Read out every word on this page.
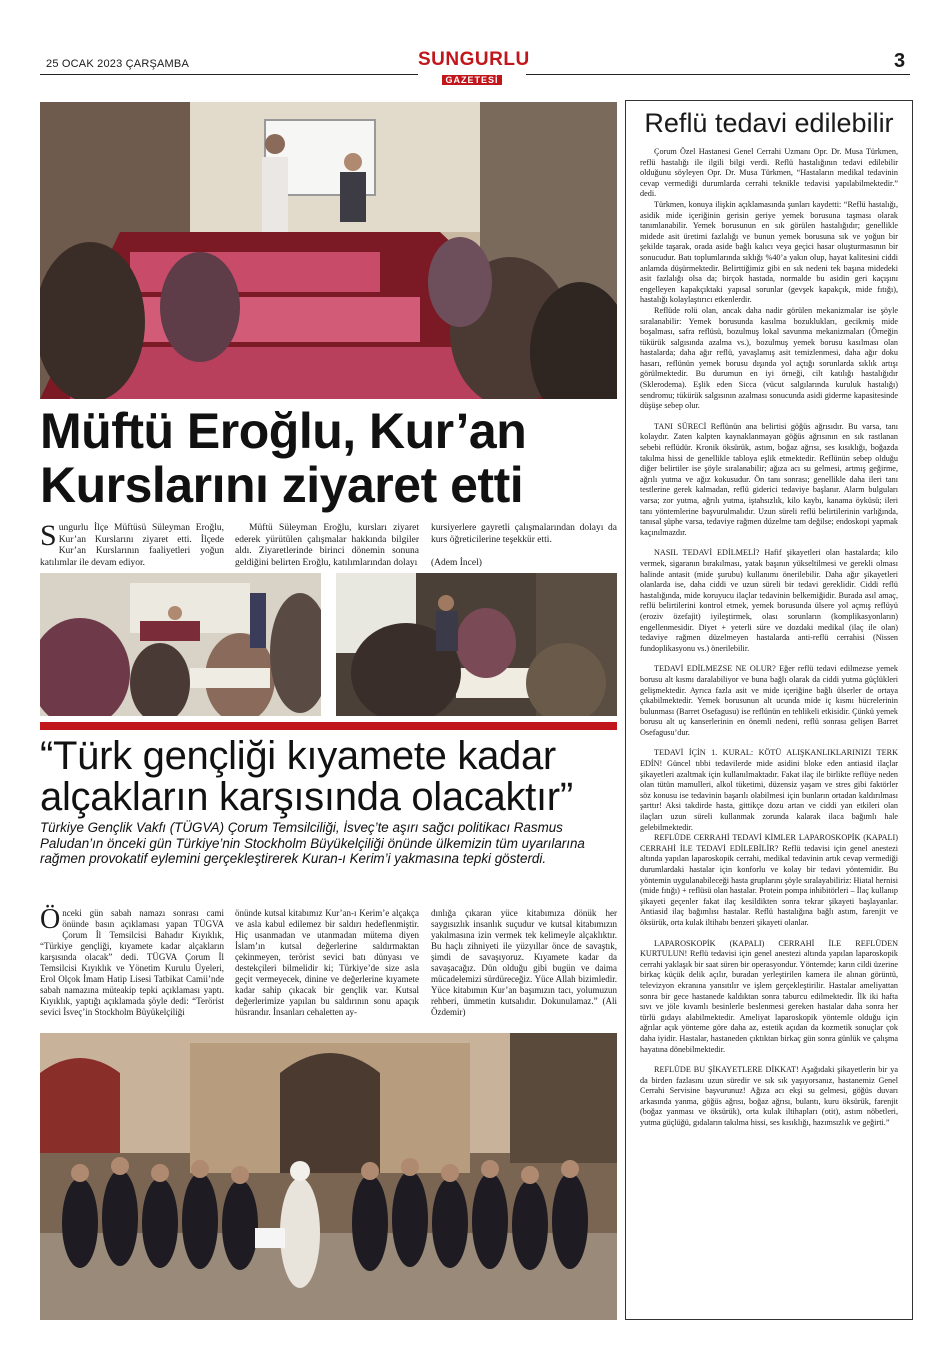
25 OCAK 2023 ÇARŞAMBA	SUNGURLU
GAZETESİ
3
Müftü Eroğlu, Kur’an Kurslarını ziyaret etti
Sungurlu İlçe Müftüsü Süleyman Eroğlu, Kur’an Kurslarını ziyaret etti. İlçede Kur’an Kurslarının faaliyetleri yoğun katılımlar ile devam ediyor.
Müftü Süleyman Eroğlu, kursları ziyaret ederek yürütülen çalışmalar hakkında bilgiler aldı. Ziyaretlerinde birinci dönemin sonuna geldiğini belirten Eroğlu, katılımlarından dolayı
kursiyerlere gayretli çalışmalarından dolayı da kurs öğreticilerine teşekkür etti.
(Adem İncel)
“Türk gençliği kıyamete kadar alçakların karşısında olacaktır”
Türkiye Gençlik Vakfı (TÜGVA) Çorum Temsilciliği, İsveç’te aşırı sağcı politikacı Rasmus Paludan’ın önceki gün Türkiye’nin Stockholm Büyükelçiliği önünde ülkemizin tüm uyarılarına rağmen provokatif eylemini gerçekleştirerek Kuran-ı Kerim’i yakmasına tepki gösterdi.
Önceki gün sabah namazı sonrası cami önünde basın açıklaması yapan TÜGVA Çorum İl Temsilcisi Bahadır Kıyıklık, “Türkiye gençliği, kıyamete kadar alçakların karşısında olacak” dedi. TÜGVA Çorum İl Temsilcisi Kıyıklık ve Yönetim Kurulu Üyeleri, Erol Olçok İmam Hatip Lisesi Tatbikat Camii’nde sabah namazına müteakip tepki açıklaması yaptı. Kıyıklık, yaptığı açıklamada şöyle dedi: “Terörist sevici İsveç’in Stockholm Büyükelçiliği
önünde kutsal kitabımız Kur’an-ı Kerim’e alçakça ve asla kabul edilemez bir saldırı hedeflenmiştir. Hiç usanmadan ve utanmadan mütema diyen İslam’ın kutsal değerlerine saldırmaktan çekinmeyen, terörist sevici batı dünyası ve destekçileri bilmelidir ki; Türkiye’de size asla geçit vermeyecek, dinine ve değerlerine kıyamete kadar sahip çıkacak bir gençlik var. Kutsal değerlerimize yapılan bu saldırının sonu apaçık hüsrandır. İnsanları cehaletten ay-
dınlığa çıkaran yüce kitabımıza dönük her saygısızlık insanlık suçudur ve kutsal kitabımızın yakılmasına izin vermek tek kelimeyle alçaklıktır. Bu haçlı zihniyeti ile yüzyıllar önce de savaştık, şimdi de savaşıyoruz. Kıyamete kadar da savaşacağız. Dün olduğu gibi bugün ve daima mücadelemizi sürdüreceğiz. Yüce Allah bizimledir. Yüce kitabımın Kur’an başımızın tacı, yolumuzun rehberi, ümmetin kutsalıdır. Dokunulamaz.” (Ali Özdemir)
Reflü tedavi edilebilir

Çorum Özel Hastanesi Genel Cerrahi Uzmanı Opr. Dr. Musa Türkmen, reflü hastalığı ile ilgili bilgi verdi. Reflü hastalığının tedavi edilebilir olduğunu söyleyen Opr. Dr. Musa Türkmen, “Hastaların medikal tedavinin cevap vermediği durumlarda cerrahi teknikle tedavisi yapılabilmektedir.” dedi.

Türkmen, konuya ilişkin açıklamasında şunları kaydetti: “Reflü hastalığı, asidik mide içeriğinin gerisin geriye yemek borusuna taşması olarak tanımlanabilir. Yemek borusunun en sık görülen hastalığıdır; genellikle midede asit üretimi fazlalığı ve bunun yemek borusuna sık ve yoğun bir şekilde taşarak, orada aside bağlı kalıcı veya geçici hasar oluşturmasının bir sonucudur. Batı toplumlarında sıklığı %40’a yakın olup, hayat kalitesini ciddi anlamda düşürmektedir. Belirttiğimiz gibi en sık nedeni tek başına midedeki asit fazlalığı olsa da; birçok hastada, normalde bu asidin geri kaçışını engelleyen kapakçıktaki yapısal sorunlar (gevşek kapakçık, mide fıtığı), hastalığı kolaylaştırıcı etkenlerdir.

Reflüde rolü olan, ancak daha nadir görülen mekanizmalar ise şöyle sıralanabilir: Yemek borusunda kasılma bozuklukları, gecikmiş mide boşalması, safra reflüsü, bozulmuş lokal savunma mekanizmaları (Örneğin tükürük salgısında azalma vs.), bozulmuş yemek borusu kasılması olan hastalarda; daha ağır reflü, yavaşlamış asit temizlenmesi, daha ağır doku hasarı, reflünün yemek borusu dışında yol açtığı sorunlarda sıklık artışı görülmektedir. Bu durumun en iyi örneği, cilt katılığı hastalığıdır (Sklerodema). Eşlik eden Sicca (vücut salgılarında kuruluk hastalığı) sendromu; tükürük salgısının azalması sonucunda asidi giderme kapasitesinde düşüşe sebep olur.

TANI SÜRECİ Reflünün ana belirtisi göğüs ağrısıdır. Bu varsa, tanı kolaydır. Zaten kalpten kaynaklanmayan göğüs ağrısının en sık rastlanan sebebi reflüdür. Kronik öksürük, astım, boğaz ağrısı, ses kısıklığı, boğazda takılma hissi de genellikle tabloya eşlik etmektedir. Reflünün sebep olduğu diğer belirtiler ise şöyle sıralanabilir; ağıza acı su gelmesi, artmış geğirme, ağrılı yutma ve ağız kokusudur. Ön tanı sonrası; genellikle daha ileri tanı testlerine gerek kalmadan, reflü giderici tedaviye başlanır. Alarm bulguları varsa; zor yutma, ağrılı yutma, iştahsızlık, kilo kaybı, kanama öyküsü; ileri tanı yöntemlerine başvurulmalıdır. Uzun süreli reflü belirtilerinin varlığında, tanısal şüphe varsa, tedaviye rağmen düzelme tam değilse; endoskopi yapmak kaçınılmazdır.

NASIL TEDAVİ EDİLMELİ? Hafif şikayetleri olan hastalarda; kilo vermek, sigaranın bırakılması, yatak başının yükseltilmesi ve gerekli olması halinde antasit (mide şurubu) kullanımı önerilebilir. Daha ağır şikayetleri olanlarda ise, daha ciddi ve uzun süreli bir tedavi gereklidir. Ciddi reflü hastalığında, mide koruyucu ilaçlar tedavinin belkemiğidir. Burada asıl amaç, reflü belirtilerini kontrol etmek, yemek borusunda ülsere yol açmış reflüyü (eroziv özefajit) iyileştirmek, olası sorunların (komplikasyonların) engellenmesidir. Diyet + yeterli süre ve dozdaki medikal (ilaç ile olan) tedaviye rağmen düzelmeyen hastalarda anti-reflü cerrahisi (Nissen fundoplikasyonu vs.) önerilebilir.

TEDAVİ EDİLMEZSE NE OLUR? Eğer reflü tedavi edilmezse yemek borusu alt kısmı daralabiliyor ve buna bağlı olarak da ciddi yutma güçlükleri gelişmektedir. Ayrıca fazla asit ve mide içeriğine bağlı ülserler de ortaya çıkabilmektedir. Yemek borusunun alt ucunda mide iç kısmı hücrelerinin bulunması (Barret Osefagusu) ise reflünün en tehlikeli etkisidir. Çünkü yemek borusu alt uç kanserlerinin en önemli nedeni, reflü sonrası gelişen Barret Osefagusu’dur.

TEDAVİ İÇİN 1. KURAL: KÖTÜ ALIŞKANLIKLARINIZI TERK EDİN! Güncel tıbbi tedavilerde mide asidini bloke eden antiasid ilaçlar şikayetleri azaltmak için kullanılmaktadır. Fakat ilaç ile birlikte reflüye neden olan tütün mamulleri, alkol tüketimi, düzensiz yaşam ve stres gibi faktörler söz konusu ise tedavinin başarılı olabilmesi için bunların ortadan kaldırılması şarttır! Aksi takdirde hasta, gittikçe dozu artan ve ciddi yan etkileri olan ilaçları uzun süreli kullanmak zorunda kalarak ilaca bağımlı hale gelebilmektedir.

REFLÜDE CERRAHİ TEDAVİ KİMLER LAPAROSKOPİK (KAPALI) CERRAHİ İLE TEDAVİ EDİLEBİLİR? Reflü tedavisi için genel anestezi altında yapılan laparoskopik cerrahi, medikal tedavinin artık cevap vermediği durumlardaki hastalar için konforlu ve kolay bir tedavi yöntemidir. Bu yöntemin uygulanabileceği hasta gruplarını şöyle sıralayabiliriz: Hiatal hernisi (mide fıtığı) + reflüsü olan hastalar. Protein pompa inhibitörleri – İlaç kullanıp şikayeti geçenler fakat ilaç kesildikten sonra tekrar şikayeti başlayanlar. Antiasid ilaç bağımlısı hastalar. Reflü hastalığına bağlı astım, farenjit ve öksürük, orta kulak iltihabı benzeri şikayeti olanlar.

LAPAROSKOPİK (KAPALI) CERRAHİ İLE REFLÜDEN KURTULUN! Reflü tedavisi için genel anestezi altında yapılan laparoskopik cerrahi yaklaşık bir saat süren bir operasyondur. Yöntemde; karın cildi üzerine birkaç küçük delik açılır, buradan yerleştirilen kamera ile alınan görüntü, televizyon ekranına yansıtılır ve işlem gerçekleştirilir. Hastalar ameliyattan sonra bir gece hastanede kaldıktan sonra taburcu edilmektedir. İlk iki hafta sıvı ve jöle kıvamlı besinlerle beslenmesi gereken hastalar daha sonra her türlü gıdayı alabilmektedir. Ameliyat laparoskopik yöntemle olduğu için ağrılar açık yönteme göre daha az, estetik açıdan da kozmetik sonuçlar çok daha iyidir. Hastalar, hastaneden çıktıktan birkaç gün sonra günlük ve çalışma hayatına dönebilmektedir.

REFLÜDE BU ŞİKAYETLERE DİKKAT! Aşağıdaki şikayetlerin bir ya da birden fazlasını uzun süredir ve sık sık yaşıyorsanız, hastanemiz Genel Cerrahi Servisine başvurunuz! Ağıza acı ekşi su gelmesi, göğüs duvarı arkasında yanma, göğüs ağrısı, boğaz ağrısı, bulantı, kuru öksürük, farenjit (boğaz yanması ve öksürük), orta kulak iltihapları (otit), astım nöbetleri, yutma güçlüğü, gıdaların takılma hissi, ses kısıklığı, hazımsızlık ve geğirti.”
